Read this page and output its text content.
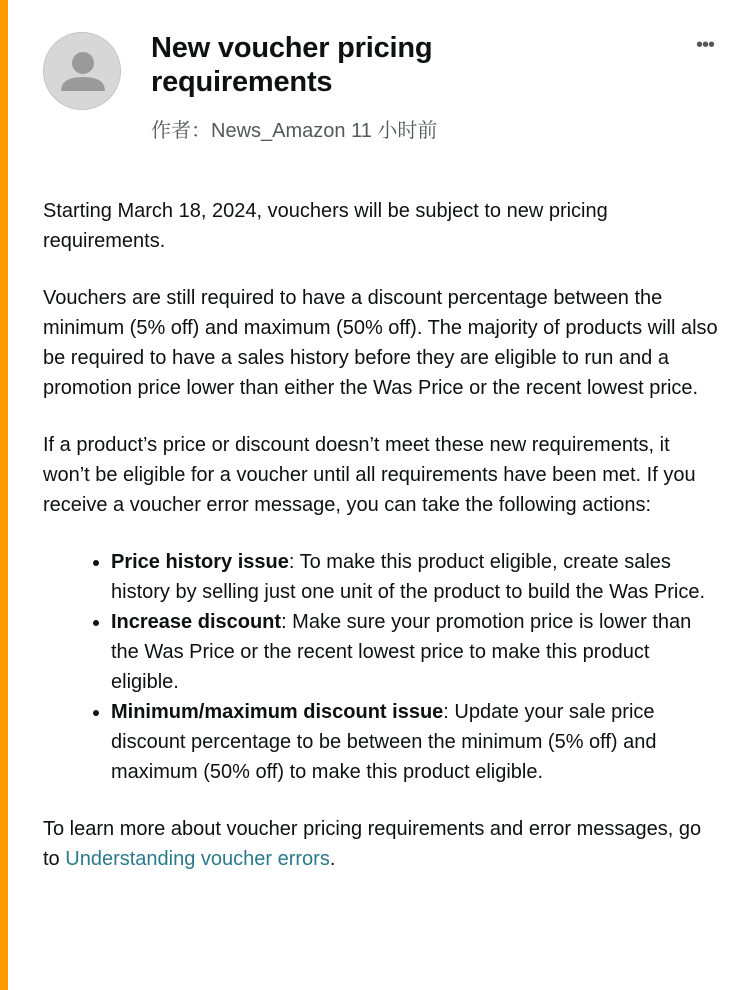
New voucher pricing requirements
作者：News_Amazon 11 小时前
•••

Starting March 18, 2024, vouchers will be subject to new pricing requirements.

Vouchers are still required to have a discount percentage between the minimum (5% off) and maximum (50% off). The majority of products will also be required to have a sales history before they are eligible to run and a promotion price lower than either the Was Price or the recent lowest price.

If a product’s price or discount doesn’t meet these new requirements, it won’t be eligible for a voucher until all requirements have been met. If you receive a voucher error message, you can take the following actions:

• Price history issue: To make this product eligible, create sales history by selling just one unit of the product to build the Was Price.
• Increase discount: Make sure your promotion price is lower than the Was Price or the recent lowest price to make this product eligible.
• Minimum/maximum discount issue: Update your sale price discount percentage to be between the minimum (5% off) and maximum (50% off) to make this product eligible.

To learn more about voucher pricing requirements and error messages, go to Understanding voucher errors.
